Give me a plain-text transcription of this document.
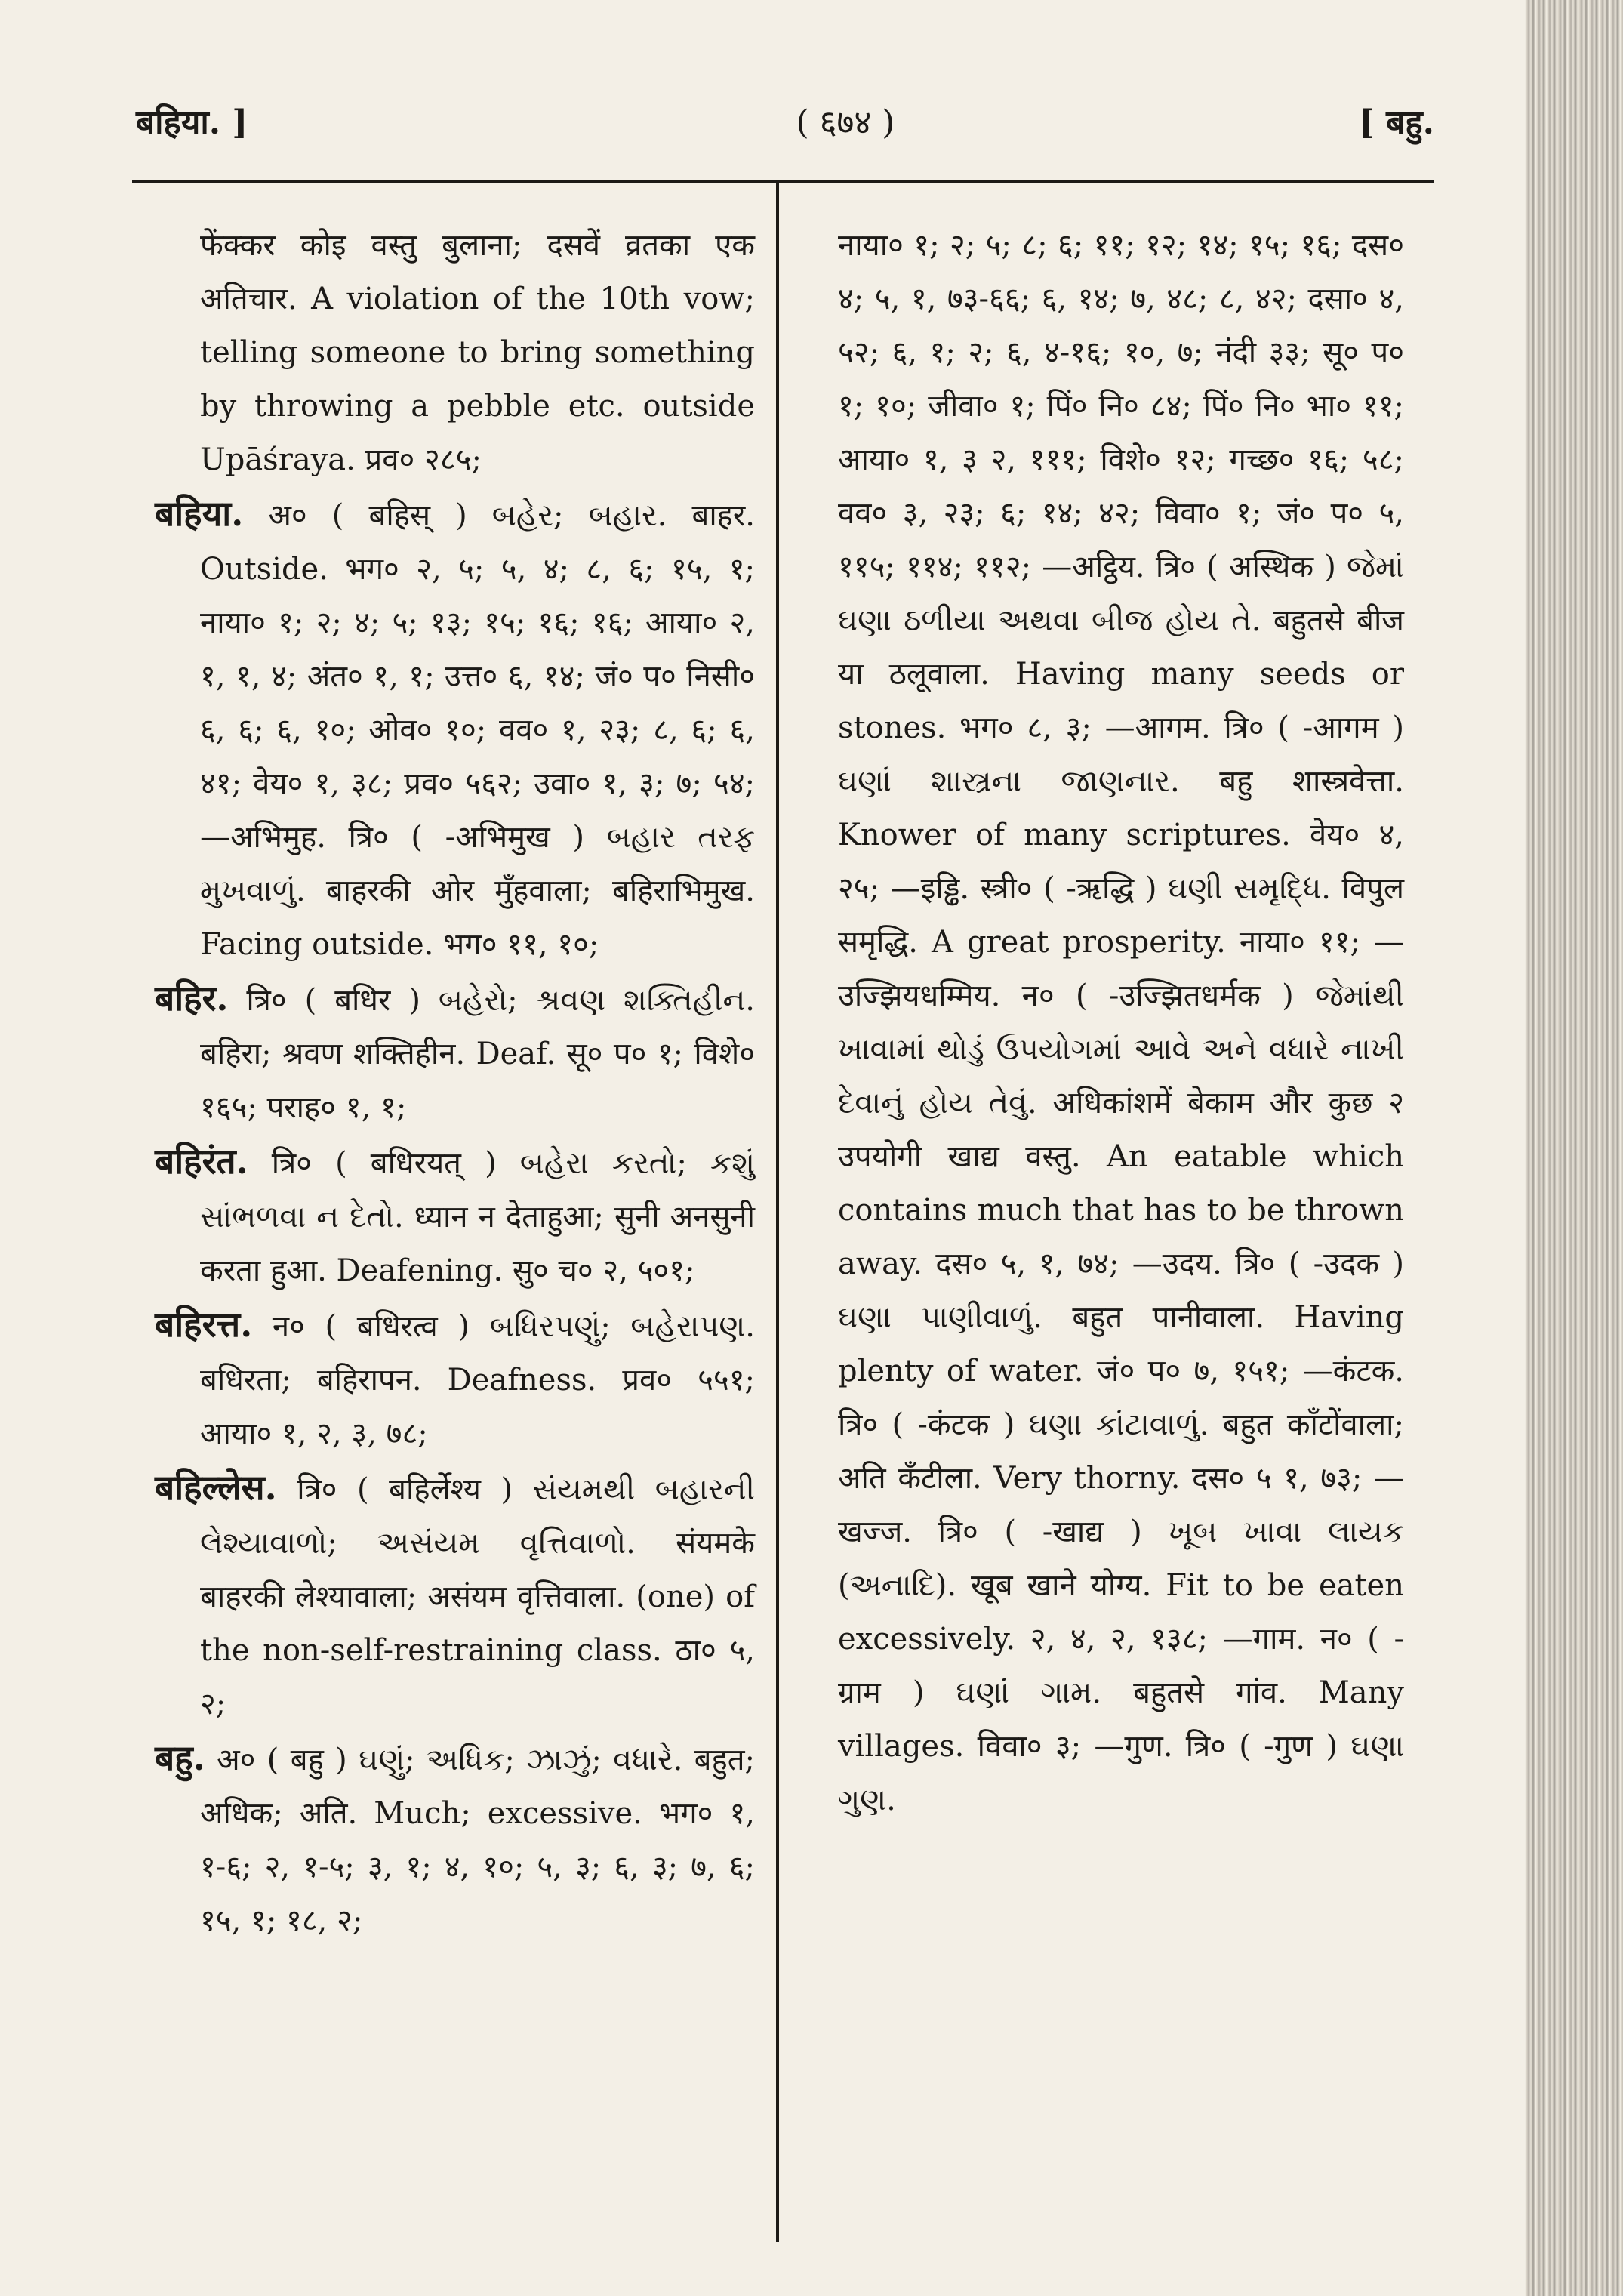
बहिया. ]	( ६७४ )	[ बहु.

फेंक्कर कोइ वस्तु बुलाना; दसवें व्रतका एक अतिचार. A violation of the 10th vow; telling someone to bring something by throwing a pebble etc. outside Upāśraya. प्रव० २८५;

बहिया. अ० ( बहिस् ) બહેર; બહાર. बाहर. Outside. भग० २, ५; ५, ४; ८, ६; १५, १; नाया० १; २; ४; ५; १३; १५; १६; १६; आया० २, १, १, ४; अंत० १, १; उत्त० ६, १४; जं० प० निसी० ६, ६; ६, १०; ओव० १०; वव० १, २३; ८, ६; ६, ४१; वेय० १, ३८; प्रव० ५६२; उवा० १, ३; ७; ५४; —अभिमुह. त्रि० ( -अभिमुख ) બહાર તરફ મુખવાળું. बाहरकी ओर मुँहवाला; बहिराभिमुख. Facing outside. भग० ११, १०;

बहिर. त्रि० ( बधिर ) બહેરો; શ્રવણ શક્તિહીન. बहिरा; श्रवण शक्तिहीन. Deaf. सू० प० १; विशे० १६५; पराह० १, १;

बहिरंत. त्रि० ( बधिरयत् ) બહેરા કરતો; કશું સાંભળવા ન દેતો. ध्यान न देताहुआ; सुनी अनसुनी करता हुआ. Deafening. सु० च० २, ५०१;

बहिरत्त. न० ( बधिरत्व ) બધિરપણું; બહેરાપણ. बधिरता; बहिरापन. Deafness. प्रव० ५५१; आया० १, २, ३, ७८;

बहिल्लेस. त्रि० ( बहिर्लेश्य ) સંયમથી બહારની લેશ્યાવાળો; અસંયમ વૃત્તિવાળો. संयमके बाहरकी लेश्यावाला; असंयम वृत्तिवाला. (one) of the non-self-restraining class. ठा० ५, २;

बहु. अ० ( बहु ) ઘણું; અધિક; ઝાઝું; વધારે. बहुत; अधिक; अति. Much; excessive. भग० १, १-६; २, १-५; ३, १; ४, १०; ५, ३; ६, ३; ७, ६; १५, १; १८, २;

नाया० १; २; ५; ८; ६; ११; १२; १४; १५; १६; दस० ४; ५, १, ७३-६६; ६, १४; ७, ४८; ८, ४२; दसा० ४, ५२; ६, १; २; ६, ४-१६; १०, ७; नंदी ३३; सू० प० १; १०; जीवा० १; पिं० नि० ८४; पिं० नि० भा० ११; आया० १, ३ २, १११; विशे० १२; गच्छ० १६; ५८; वव० ३, २३; ६; १४; ४२; विवा० १; जं० प० ५, ११५; ११४; ११२; —अट्ठिय. त्रि० ( अस्थिक ) જેમાં ઘણા ઠળીયા અથવા બીજ હોય તે. बहुतसे बीज या ठलूवाला. Having many seeds or stones. भग० ८, ३; —आगम. त्रि० ( -आगम ) ઘણાં શાસ્ત્રના જાણનાર. बहु शास्त्रवेत्ता. Knower of many scriptures. वेय० ४, २५; —इड्ढि. स्त्री० ( -ऋद्धि ) ઘણી સમૃદ્ધિ. विपुल समृद्धि. A great prosperity. नाया० ११; —उज्झियधम्मिय. न० ( -उज्झितधर्मक ) જેમાંથી ખાવામાં થોડું ઉપયોગમાં આવે અને વધારે નાખી દેવાનું હોય તેવું. अधिकांशमें बेकाम और कुछ २ उपयोगी खाद्य वस्तु. An eatable which contains much that has to be thrown away. दस० ५, १, ७४; —उदय. त्रि० ( -उदक ) ઘણા પાણીવાળું. बहुत पानीवाला. Having plenty of water. जं० प० ७, १५१; —कंटक. त्रि० ( -कंटक ) ઘણા કાંટાવાળું. बहुत काँटोंवाला; अति कँटीला. Very thorny. दस० ५ १, ७३; —खज्ज. त्रि० ( -खाद्य ) ખૂબ ખાવા લાયક (અનાદિ). खूब खाने योग्य. Fit to be eaten excessively. २, ४, २, १३८; —गाम. न० ( -ग्राम ) ઘણાં ગામ. बहुतसे गांव. Many villages. विवा० ३; —गुण. त्रि० ( -गुण ) ઘણા ગુણ.
